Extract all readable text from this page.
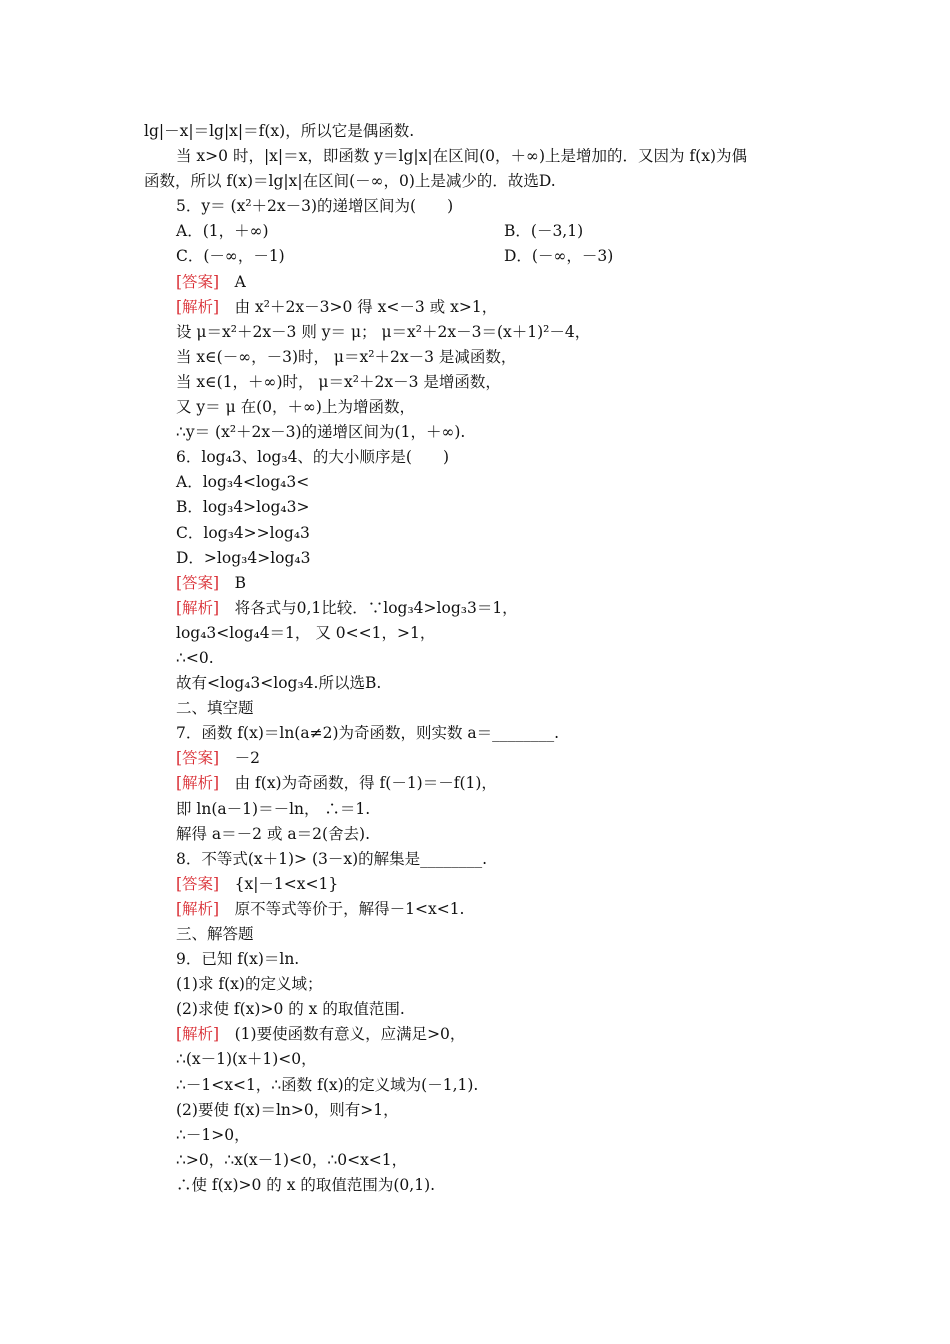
lg|－x|＝lg|x|＝f(x)，所以它是偶函数.
当 x>0 时，|x|＝x，即函数 y＝lg|x|在区间(0，＋∞)上是增加的．又因为 f(x)为偶
函数，所以 f(x)＝lg|x|在区间(－∞，0)上是减少的．故选D.
5．y＝ (x²＋2x－3)的递增区间为(　　)
A．(1，＋∞)	B．(－3,1)
C．(－∞，－1)	D．(－∞，－3)
[答案]　A
[解析]　由 x²＋2x－3>0 得 x<－3 或 x>1，
设 μ＝x²＋2x－3 则 y＝ μ； μ＝x²＋2x－3＝(x＋1)²－4，
当 x∈(－∞，－3)时， μ＝x²＋2x－3 是减函数，
当 x∈(1，＋∞)时， μ＝x²＋2x－3 是增函数，
又 y＝ μ 在(0，＋∞)上为增函数，
∴y＝ (x²＋2x－3)的递增区间为(1，＋∞).
6．log₄3、log₃4、的大小顺序是(　　)
A．log₃4<log₄3<
B．log₃4>log₄3>
C．log₃4>>log₄3
D．>log₃4>log₄3
[答案]　B
[解析]　将各式与0,1比较．∵log₃4>log₃3＝1，
log₄3<log₄4＝1， 又 0<<1，>1，
∴<0.
故有<log₄3<log₃4.所以选B.
二、填空题
7．函数 f(x)＝ln(a≠2)为奇函数，则实数 a＝________.
[答案]　－2
[解析]　由 f(x)为奇函数，得 f(－1)＝－f(1)，
即 ln(a－1)＝－ln， ∴＝1.
解得 a＝－2 或 a＝2(舍去).
8．不等式(x＋1)> (3－x)的解集是________.
[答案]　{x|－1<x<1}
[解析]　原不等式等价于，解得－1<x<1.
三、解答题
9．已知 f(x)＝ln.
(1)求 f(x)的定义域；
(2)求使 f(x)>0 的 x 的取值范围.
[解析]　(1)要使函数有意义，应满足>0，
∴(x－1)(x＋1)<0，
∴－1<x<1，∴函数 f(x)的定义域为(－1,1).
(2)要使 f(x)＝ln>0，则有>1，
∴－1>0，
∴>0，∴x(x－1)<0，∴0<x<1，
∴使 f(x)>0 的 x 的取值范围为(0,1).
